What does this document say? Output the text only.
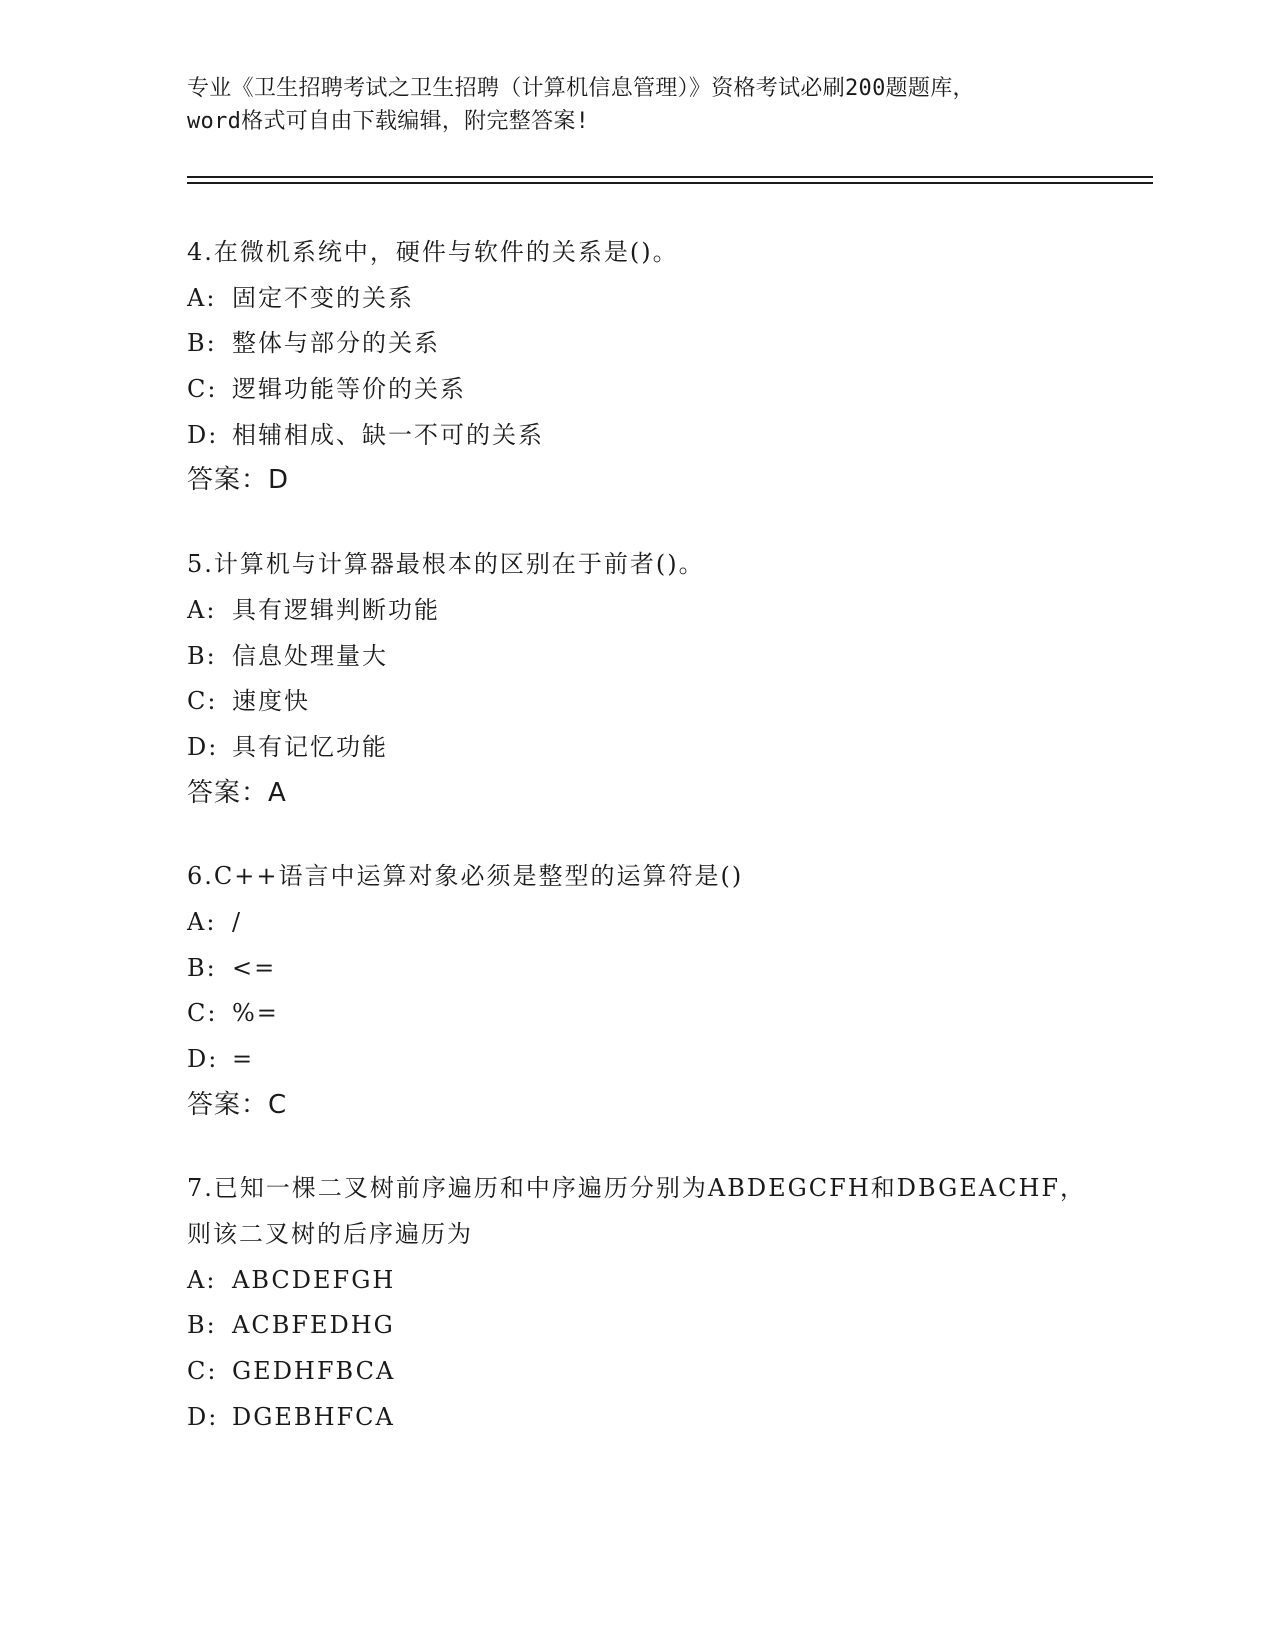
专业《卫生招聘考试之卫生招聘（计算机信息管理）》资格考试必刷200题题库，
word格式可自由下载编辑，附完整答案!
4.在微机系统中，硬件与软件的关系是()。
A: 固定不变的关系
B: 整体与部分的关系
C: 逻辑功能等价的关系
D: 相辅相成、缺一不可的关系
答案：D
5.计算机与计算器最根本的区别在于前者()。
A: 具有逻辑判断功能
B: 信息处理量大
C: 速度快
D: 具有记忆功能
答案：A
6.C++语言中运算对象必须是整型的运算符是()
A: /
B: <=
C: %=
D: =
答案：C
7.已知一棵二叉树前序遍历和中序遍历分别为ABDEGCFH和DBGEACHF，
则该二叉树的后序遍历为
A: ABCDEFGH
B: ACBFEDHG
C: GEDHFBCA
D: DGEBHFCA
